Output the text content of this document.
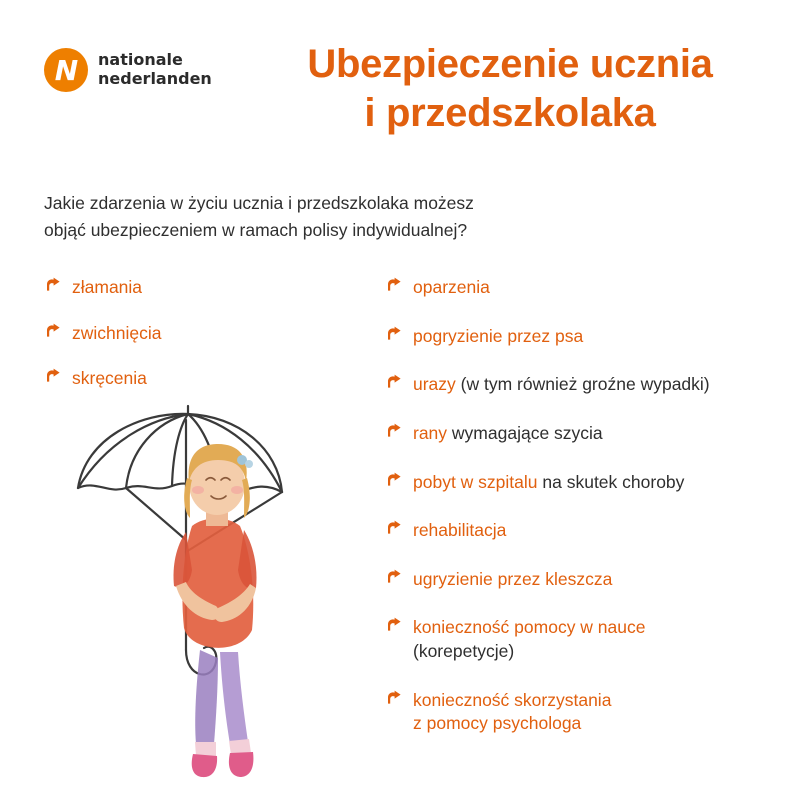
N	nationale
nederlanden	Ubezpieczenie ucznia
i przedszkolaka
Jakie zdarzenia w życiu ucznia i przedszkolaka możesz
objąć ubezpieczeniem w ramach polisy indywidualnej?
złamania
zwichnięcia
skręcenia
oparzenia
pogryzienie przez psa
urazy (w tym również groźne wypadki)
rany wymagające szycia
pobyt w szpitalu na skutek choroby
rehabilitacja
ugryzienie przez kleszcza
konieczność pomocy w nauce
(korepetycje)
konieczność skorzystania
z pomocy psychologa
